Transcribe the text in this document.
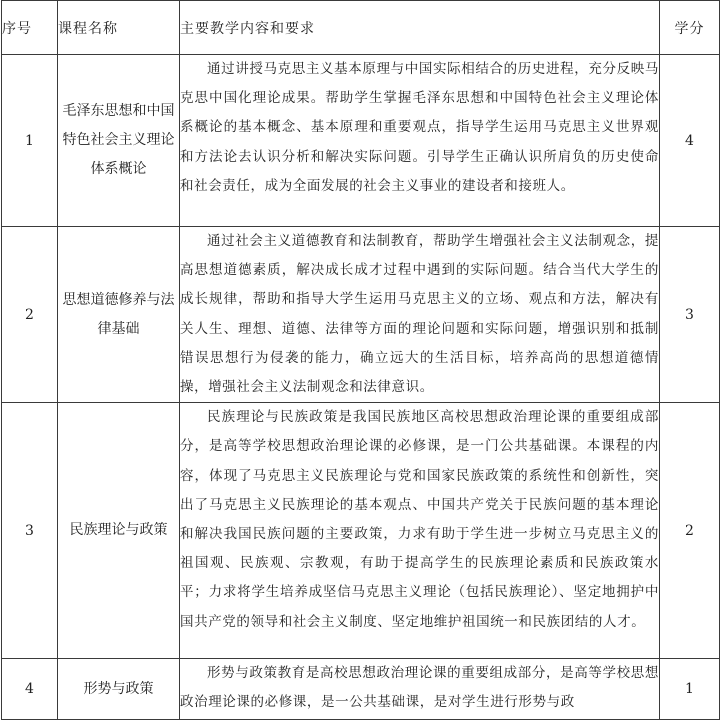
序号	课程名称	主要教学内容和要求	学分
1	毛泽东思想和中国特色社会主义理论体系概论	通过讲授马克思主义基本原理与中国实际相结合的历史进程，充分反映马克思中国化理论成果。帮助学生掌握毛泽东思想和中国特色社会主义理论体系概论的基本概念、基本原理和重要观点，指导学生运用马克思主义世界观和方法论去认识分析和解决实际问题。引导学生正确认识所肩负的历史使命和社会责任，成为全面发展的社会主义事业的建设者和接班人。	4
2	思想道德修养与法律基础	通过社会主义道德教育和法制教育，帮助学生增强社会主义法制观念，提高思想道德素质，解决成长成才过程中遇到的实际问题。结合当代大学生的成长规律，帮助和指导大学生运用马克思主义的立场、观点和方法，解决有关人生、理想、道德、法律等方面的理论问题和实际问题，增强识别和抵制错误思想行为侵袭的能力，确立远大的生活目标，培养高尚的思想道德情操，增强社会主义法制观念和法律意识。	3
3	民族理论与政策	民族理论与民族政策是我国民族地区高校思想政治理论课的重要组成部分，是高等学校思想政治理论课的必修课，是一门公共基础课。本课程的内容，体现了马克思主义民族理论与党和国家民族政策的系统性和创新性，突出了马克思主义民族理论的基本观点、中国共产党关于民族问题的基本理论和解决我国民族问题的主要政策，力求有助于学生进一步树立马克思主义的祖国观、民族观、宗教观，有助于提高学生的民族理论素质和民族政策水平；力求将学生培养成坚信马克思主义理论（包括民族理论）、坚定地拥护中国共产党的领导和社会主义制度、坚定地维护祖国统一和民族团结的人才。	2
4	形势与政策	形势与政策教育是高校思想政治理论课的重要组成部分，是高等学校思想政治理论课的必修课，是一公共基础课，是对学生进行形势与政	1
